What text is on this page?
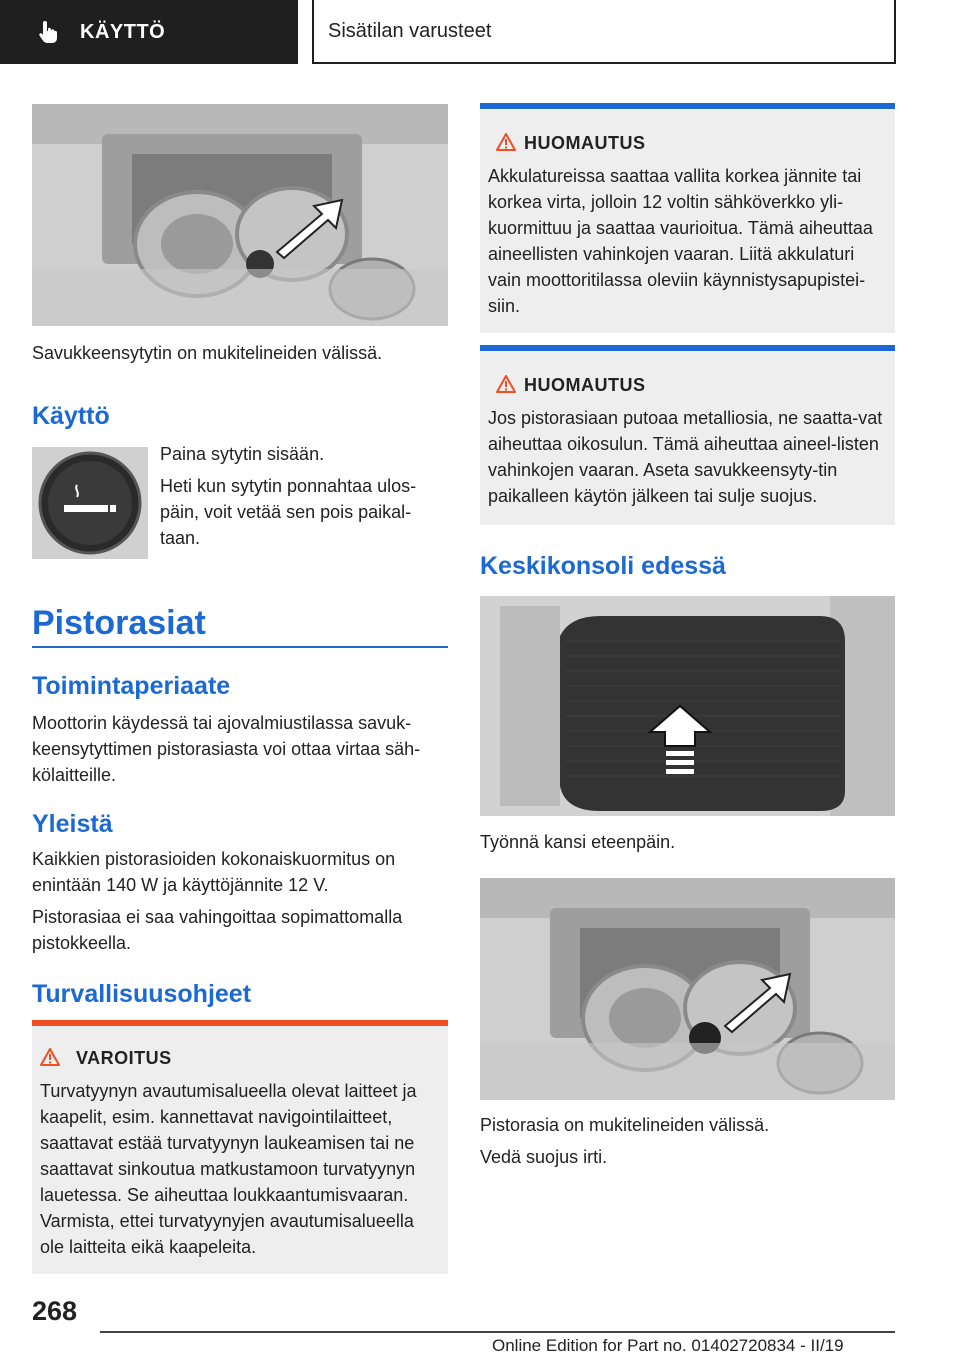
KÄYTTÖ	Sisätilan varusteet
Savukkeensytytin on mukitelineiden välissä.
Käyttö

Paina sytytin sisään.

Heti kun sytytin ponnahtaa ulos-päin, voit vetää sen pois paikal-taan.

Pistorasiat
Toimintaperiaate
Moottorin käydessä tai ajovalmiustilassa savuk-keensytyttimen pistorasiasta voi ottaa virtaa säh-kölaitteille.
Yleistä

Kaikkien pistorasioiden kokonaiskuormitus on enintään 140 W ja käyttöjännite 12 V.

Pistorasiaa ei saa vahingoittaa sopimattomalla pistokkeella.

Turvallisuusohjeet
VAROITUS
Turvatyynyn avautumisalueella olevat laitteet ja kaapelit, esim. kannettavat navigointilaitteet, saattavat estää turvatyynyn laukeamisen tai ne saattavat sinkoutua matkustamoon turvatyynyn lauetessa. Se aiheuttaa loukkaantumisvaaran. Varmista, ettei turvatyynyjen avautumisalueella ole laitteita eikä kaapeleita.
HUOMAUTUS
Akkulatureissa saattaa vallita korkea jännite tai korkea virta, jolloin 12 voltin sähköverkko yli-kuormittuu ja saattaa vaurioitua. Tämä aiheuttaa aineellisten vahinkojen vaaran. Liitä akkulaturi vain moottoritilassa oleviin käynnistysapupistei-siin.
HUOMAUTUS
Jos pistorasiaan putoaa metalliosia, ne saatta-vat aiheuttaa oikosulun. Tämä aiheuttaa aineel-listen vahinkojen vaaran. Aseta savukkeensyty-tin paikalleen käytön jälkeen tai sulje suojus.
Keskikonsoli edessä
Työnnä kansi eteenpäin.

Pistorasia on mukitelineiden välissä.

Vedä suojus irti.

268
Online Edition for Part no. 01402720834 - II/19
